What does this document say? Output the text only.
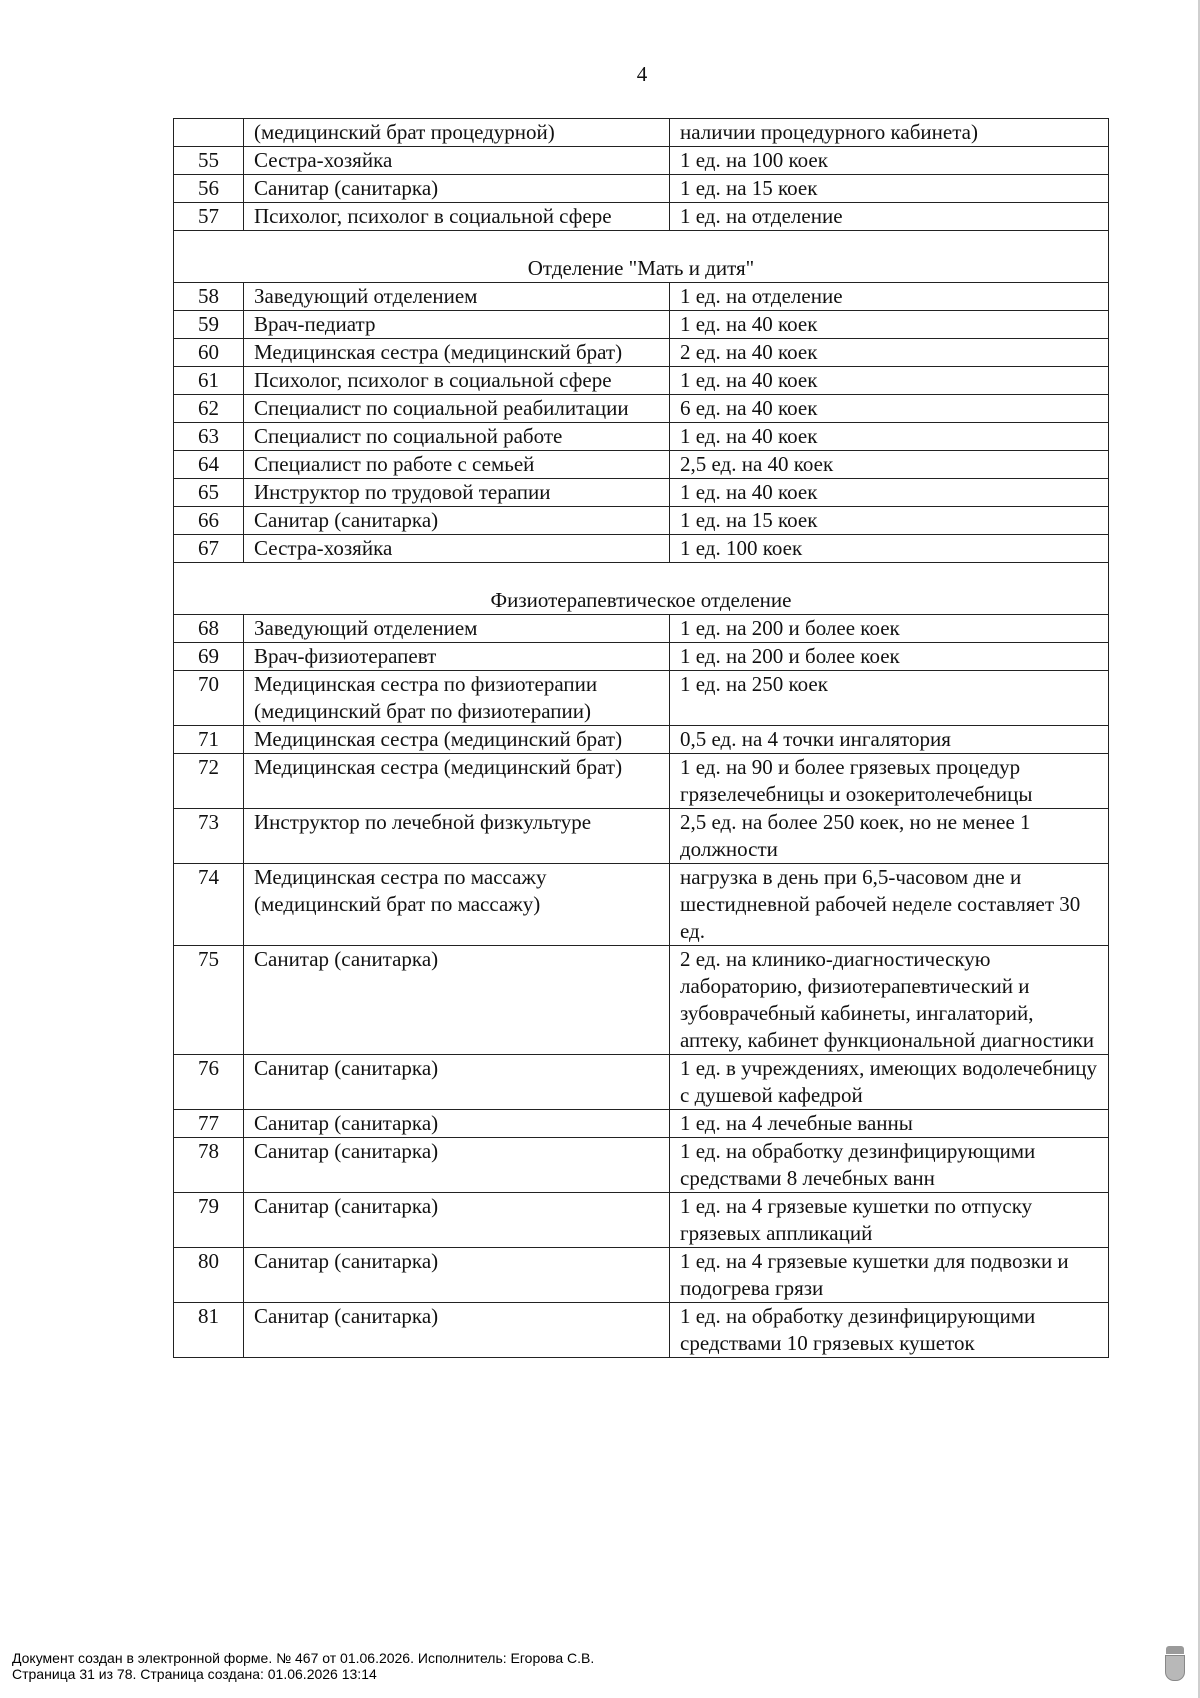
4
	(медицинский брат процедурной)	наличии процедурного кабинета)
55	Сестра-хозяйка	1 ед. на 100 коек
56	Санитар (санитарка)	1 ед. на 15 коек
57	Психолог, психолог в социальной сфере	1 ед. на отделение
Отделение "Мать и дитя"		
58	Заведующий отделением	1 ед. на отделение
59	Врач-педиатр	1 ед. на 40 коек
60	Медицинская сестра (медицинский брат)	2 ед. на 40 коек
61	Психолог, психолог в социальной сфере	1 ед. на 40 коек
62	Специалист по социальной реабилитации	6 ед. на 40 коек
63	Специалист по социальной работе	1 ед. на 40 коек
64	Специалист по работе с семьей	2,5 ед. на 40 коек
65	Инструктор по трудовой терапии	1 ед. на 40 коек
66	Санитар (санитарка)	1 ед. на 15 коек
67	Сестра-хозяйка	1 ед. 100 коек
Физиотерапевтическое отделение		
68	Заведующий отделением	1 ед. на 200 и более коек
69	Врач-физиотерапевт	1 ед. на 200 и более коек
70	Медицинская сестра по физиотерапии (медицинский брат по физиотерапии)	1 ед. на 250 коек
71	Медицинская сестра (медицинский брат)	0,5 ед. на 4 точки ингалятория
72	Медицинская сестра (медицинский брат)	1 ед. на 90 и более грязевых процедур грязелечебницы и озокеритолечебницы
73	Инструктор по лечебной физкультуре	2,5 ед. на более 250 коек, но не менее 1 должности
74	Медицинская сестра по массажу (медицинский брат по массажу)	нагрузка в день при 6,5-часовом дне и шестидневной рабочей неделе составляет 30 ед.
75	Санитар (санитарка)	2 ед. на клинико-диагностическую лабораторию, физиотерапевтический и зубоврачебный кабинеты, ингалаторий, аптеку, кабинет функциональной диагностики
76	Санитар (санитарка)	1 ед. в учреждениях, имеющих водолечебницу с душевой кафедрой
77	Санитар (санитарка)	1 ед. на 4 лечебные ванны
78	Санитар (санитарка)	1 ед. на обработку дезинфицирующими средствами 8 лечебных ванн
79	Санитар (санитарка)	1 ед. на 4 грязевые кушетки по отпуску грязевых аппликаций
80	Санитар (санитарка)	1 ед. на 4 грязевые кушетки для подвозки и подогрева грязи
81	Санитар (санитарка)	1 ед. на обработку дезинфицирующими средствами 10 грязевых кушеток
Документ создан в электронной форме. № 467 от 01.06.2026. Исполнитель: Егорова С.В.
Страница 31 из 78. Страница создана: 01.06.2026 13:14
